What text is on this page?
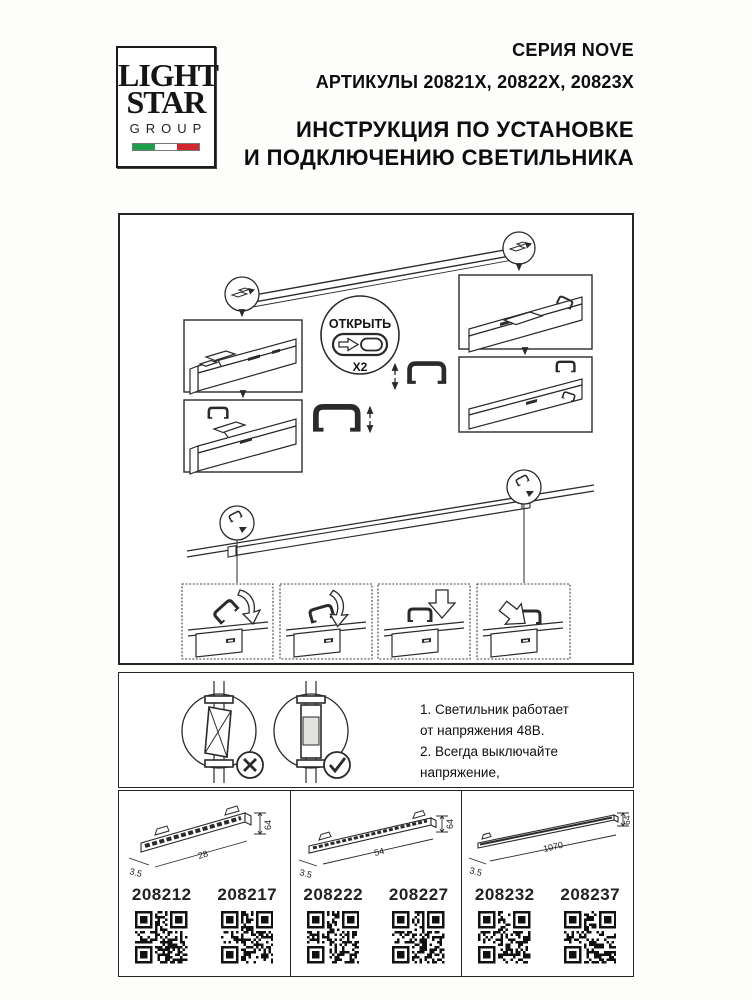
LIGHT
STAR
GROUP
СЕРИЯ NOVE
АРТИКУЛЫ 20821X, 20822X, 20823X
ИНСТРУКЦИЯ ПО УСТАНОВКЕ
И ПОДКЛЮЧЕНИЮ СВЕТИЛЬНИКА
ОТКРЫТЬ
X2
1. Светильник работает
от напряжения 48В.
2. Всегда выключайте напряжение,
64
28
3.5
208212 208217
64
54
3.5
208222 208227
64
1070
3.5
208232 208237
